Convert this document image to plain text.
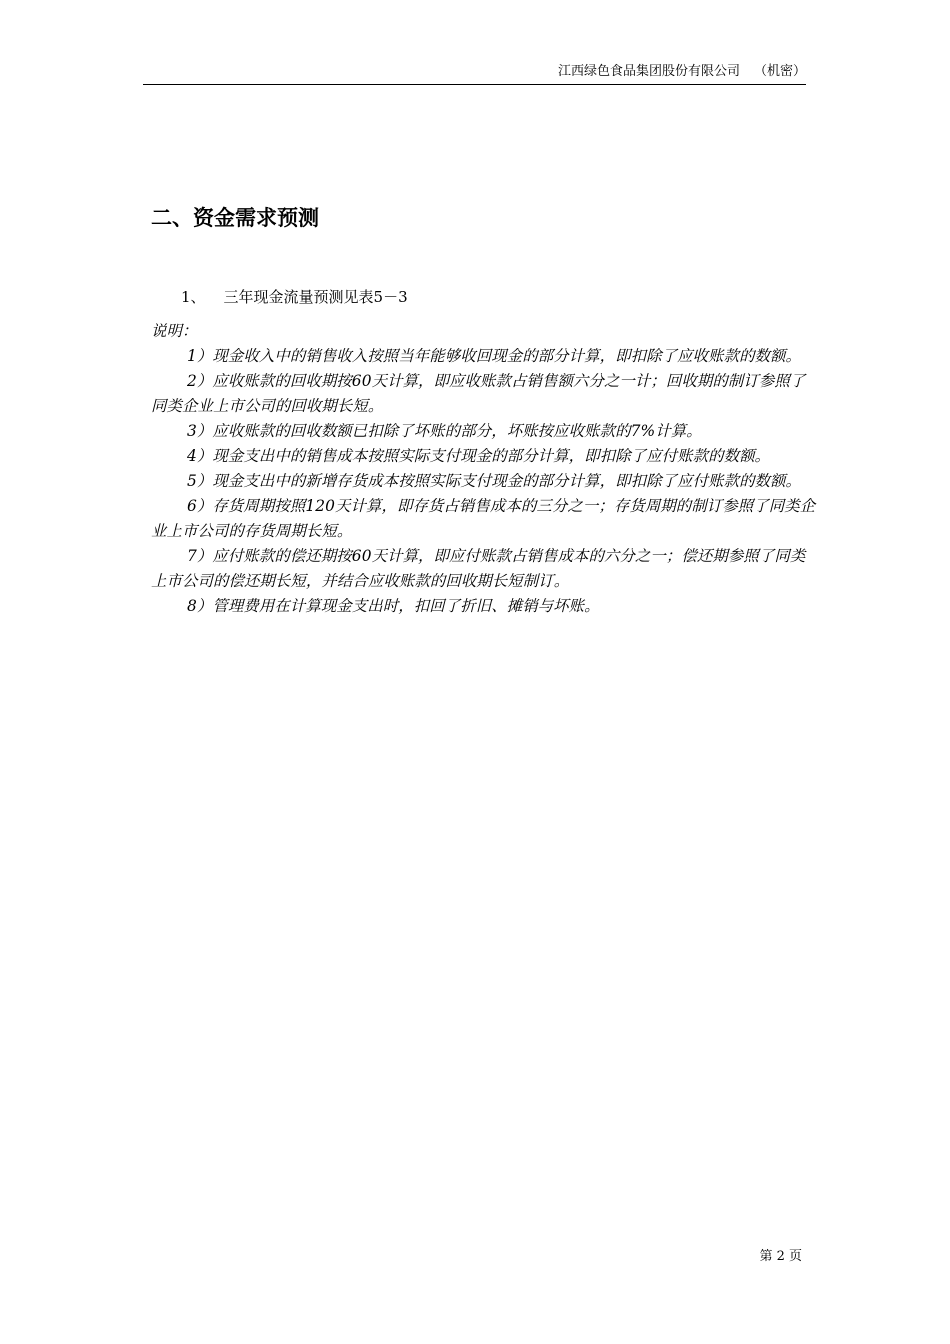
江西绿色食品集团股份有限公司 （机密）
二、资金需求预测
1、 三年现金流量预测见表5－3

说明：

1）现金收入中的销售收入按照当年能够收回现金的部分计算，即扣除了应收账款的数额。

2）应收账款的回收期按60天计算，即应收账款占销售额六分之一计；回收期的制订参照了同类企业上市公司的回收期长短。

3）应收账款的回收数额已扣除了坏账的部分，坏账按应收账款的7%计算。

4）现金支出中的销售成本按照实际支付现金的部分计算，即扣除了应付账款的数额。

5）现金支出中的新增存货成本按照实际支付现金的部分计算，即扣除了应付账款的数额。

6）存货周期按照120天计算，即存货占销售成本的三分之一；存货周期的制订参照了同类企业上市公司的存货周期长短。

7）应付账款的偿还期按60天计算，即应付账款占销售成本的六分之一；偿还期参照了同类上市公司的偿还期长短，并结合应收账款的回收期长短制订。

8）管理费用在计算现金支出时，扣回了折旧、摊销与坏账。

第 2 页
